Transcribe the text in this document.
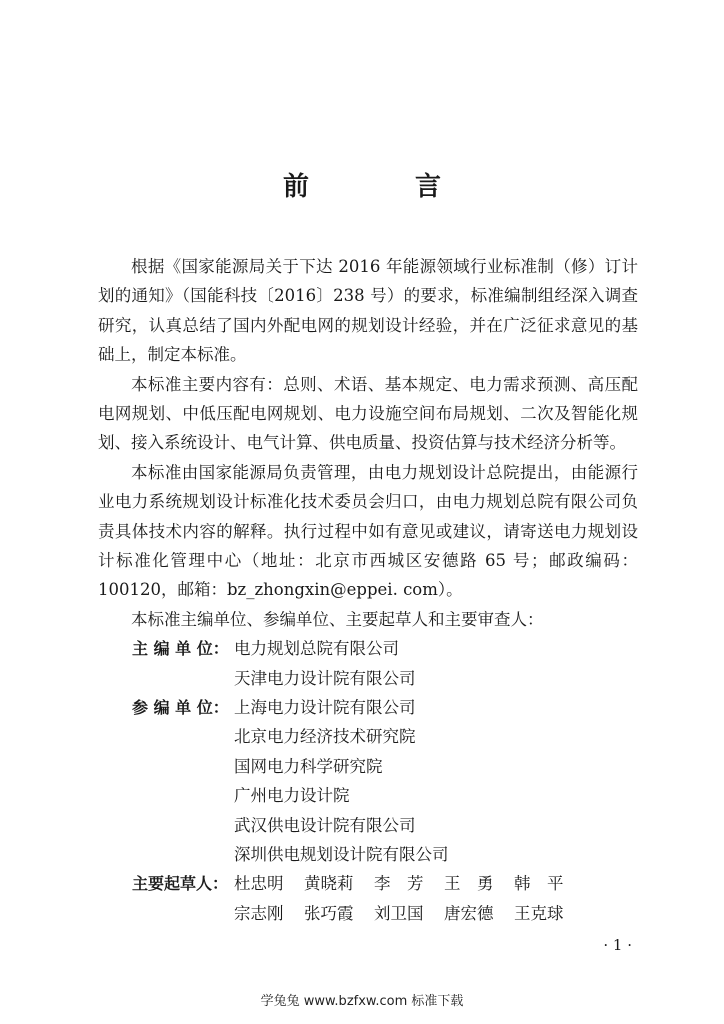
前　言

根据《国家能源局关于下达 2016 年能源领域行业标准制（修）订计划的通知》（国能科技〔2016〕238 号）的要求，标准编制组经深入调查研究，认真总结了国内外配电网的规划设计经验，并在广泛征求意见的基础上，制定本标准。

本标准主要内容有：总则、术语、基本规定、电力需求预测、高压配电网规划、中低压配电网规划、电力设施空间布局规划、二次及智能化规划、接入系统设计、电气计算、供电质量、投资估算与技术经济分析等。

本标准由国家能源局负责管理，由电力规划设计总院提出，由能源行业电力系统规划设计标准化技术委员会归口，由电力规划总院有限公司负责具体技术内容的解释。执行过程中如有意见或建议，请寄送电力规划设计标准化管理中心（地址：北京市西城区安德路 65 号；邮政编码：100120，邮箱：bz_zhongxin@eppei. com）。

本标准主编单位、参编单位、主要起草人和主要审查人：

主 编 单 位： 电力规划总院有限公司
天津电力设计院有限公司
参 编 单 位： 上海电力设计院有限公司
北京电力经济技术研究院
国网电力科学研究院
广州电力设计院
武汉供电设计院有限公司
深圳供电规划设计院有限公司
主要起草人： 杜忠明	黄晓莉	李　芳	王　勇	韩　平
宗志刚	张巧霞	刘卫国	唐宏德	王克球
· 1 ·
学兔兔 www.bzfxw.com 标准下载
